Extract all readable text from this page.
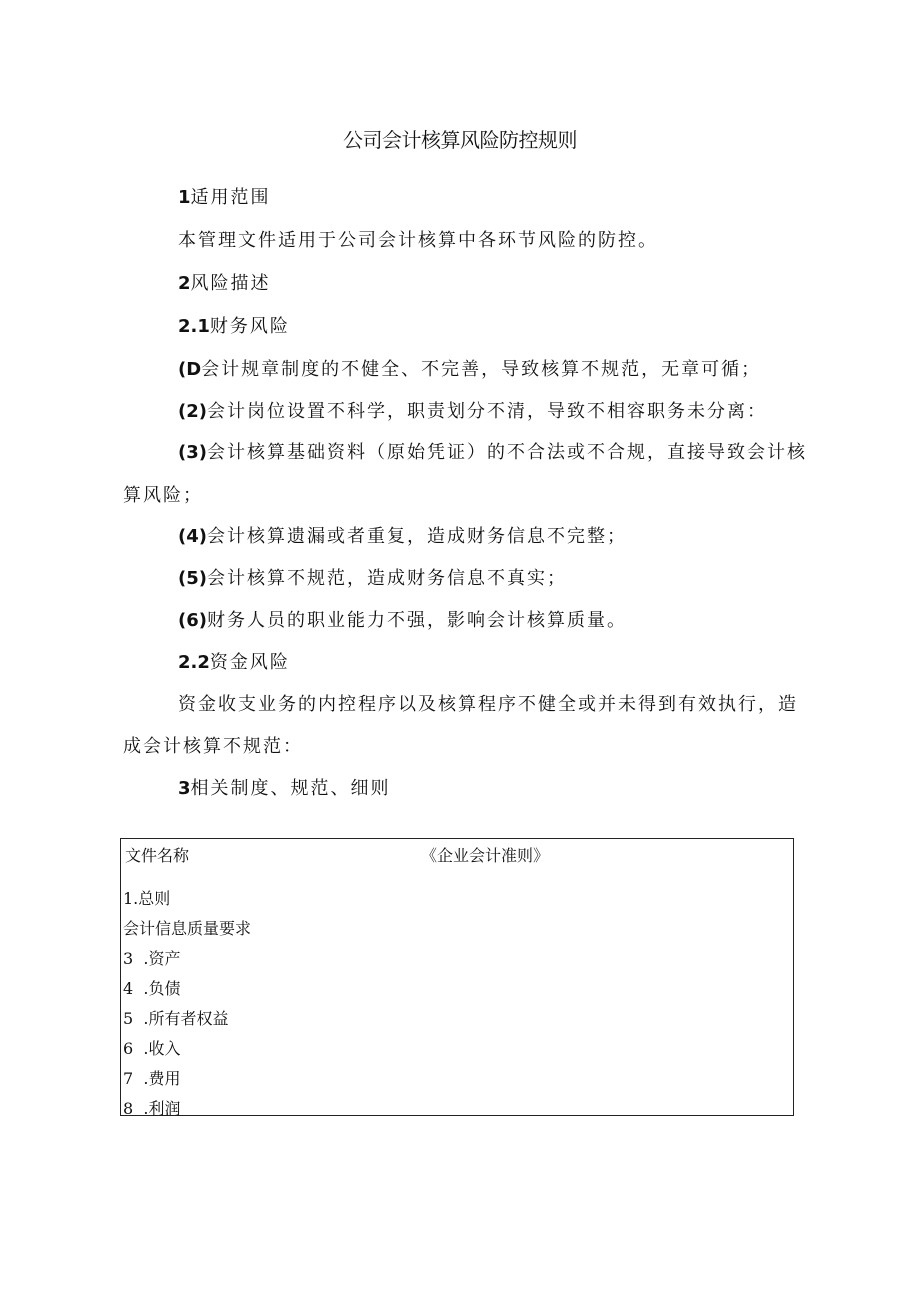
公司会计核算风险防控规则
1适用范围
本管理文件适用于公司会计核算中各环节风险的防控。
2风险描述
2.1财务风险
(D会计规章制度的不健全、不完善，导致核算不规范，无章可循；
(2)会计岗位设置不科学，职责划分不清，导致不相容职务未分离：
(3)会计核算基础资料（原始凭证）的不合法或不合规，直接导致会计核
算风险；
(4)会计核算遗漏或者重复，造成财务信息不完整；
(5)会计核算不规范，造成财务信息不真实；
(6)财务人员的职业能力不强，影响会计核算质量。
2.2资金风险
资金收支业务的内控程序以及核算程序不健全或并未得到有效执行，造
成会计核算不规范：
3相关制度、规范、细则
文件名称	《企业会计准则》
1.总则
会计信息质量要求
3  .资产
4  .负债
5  .所有者权益
6  .收入
7  .费用
8  .利润
